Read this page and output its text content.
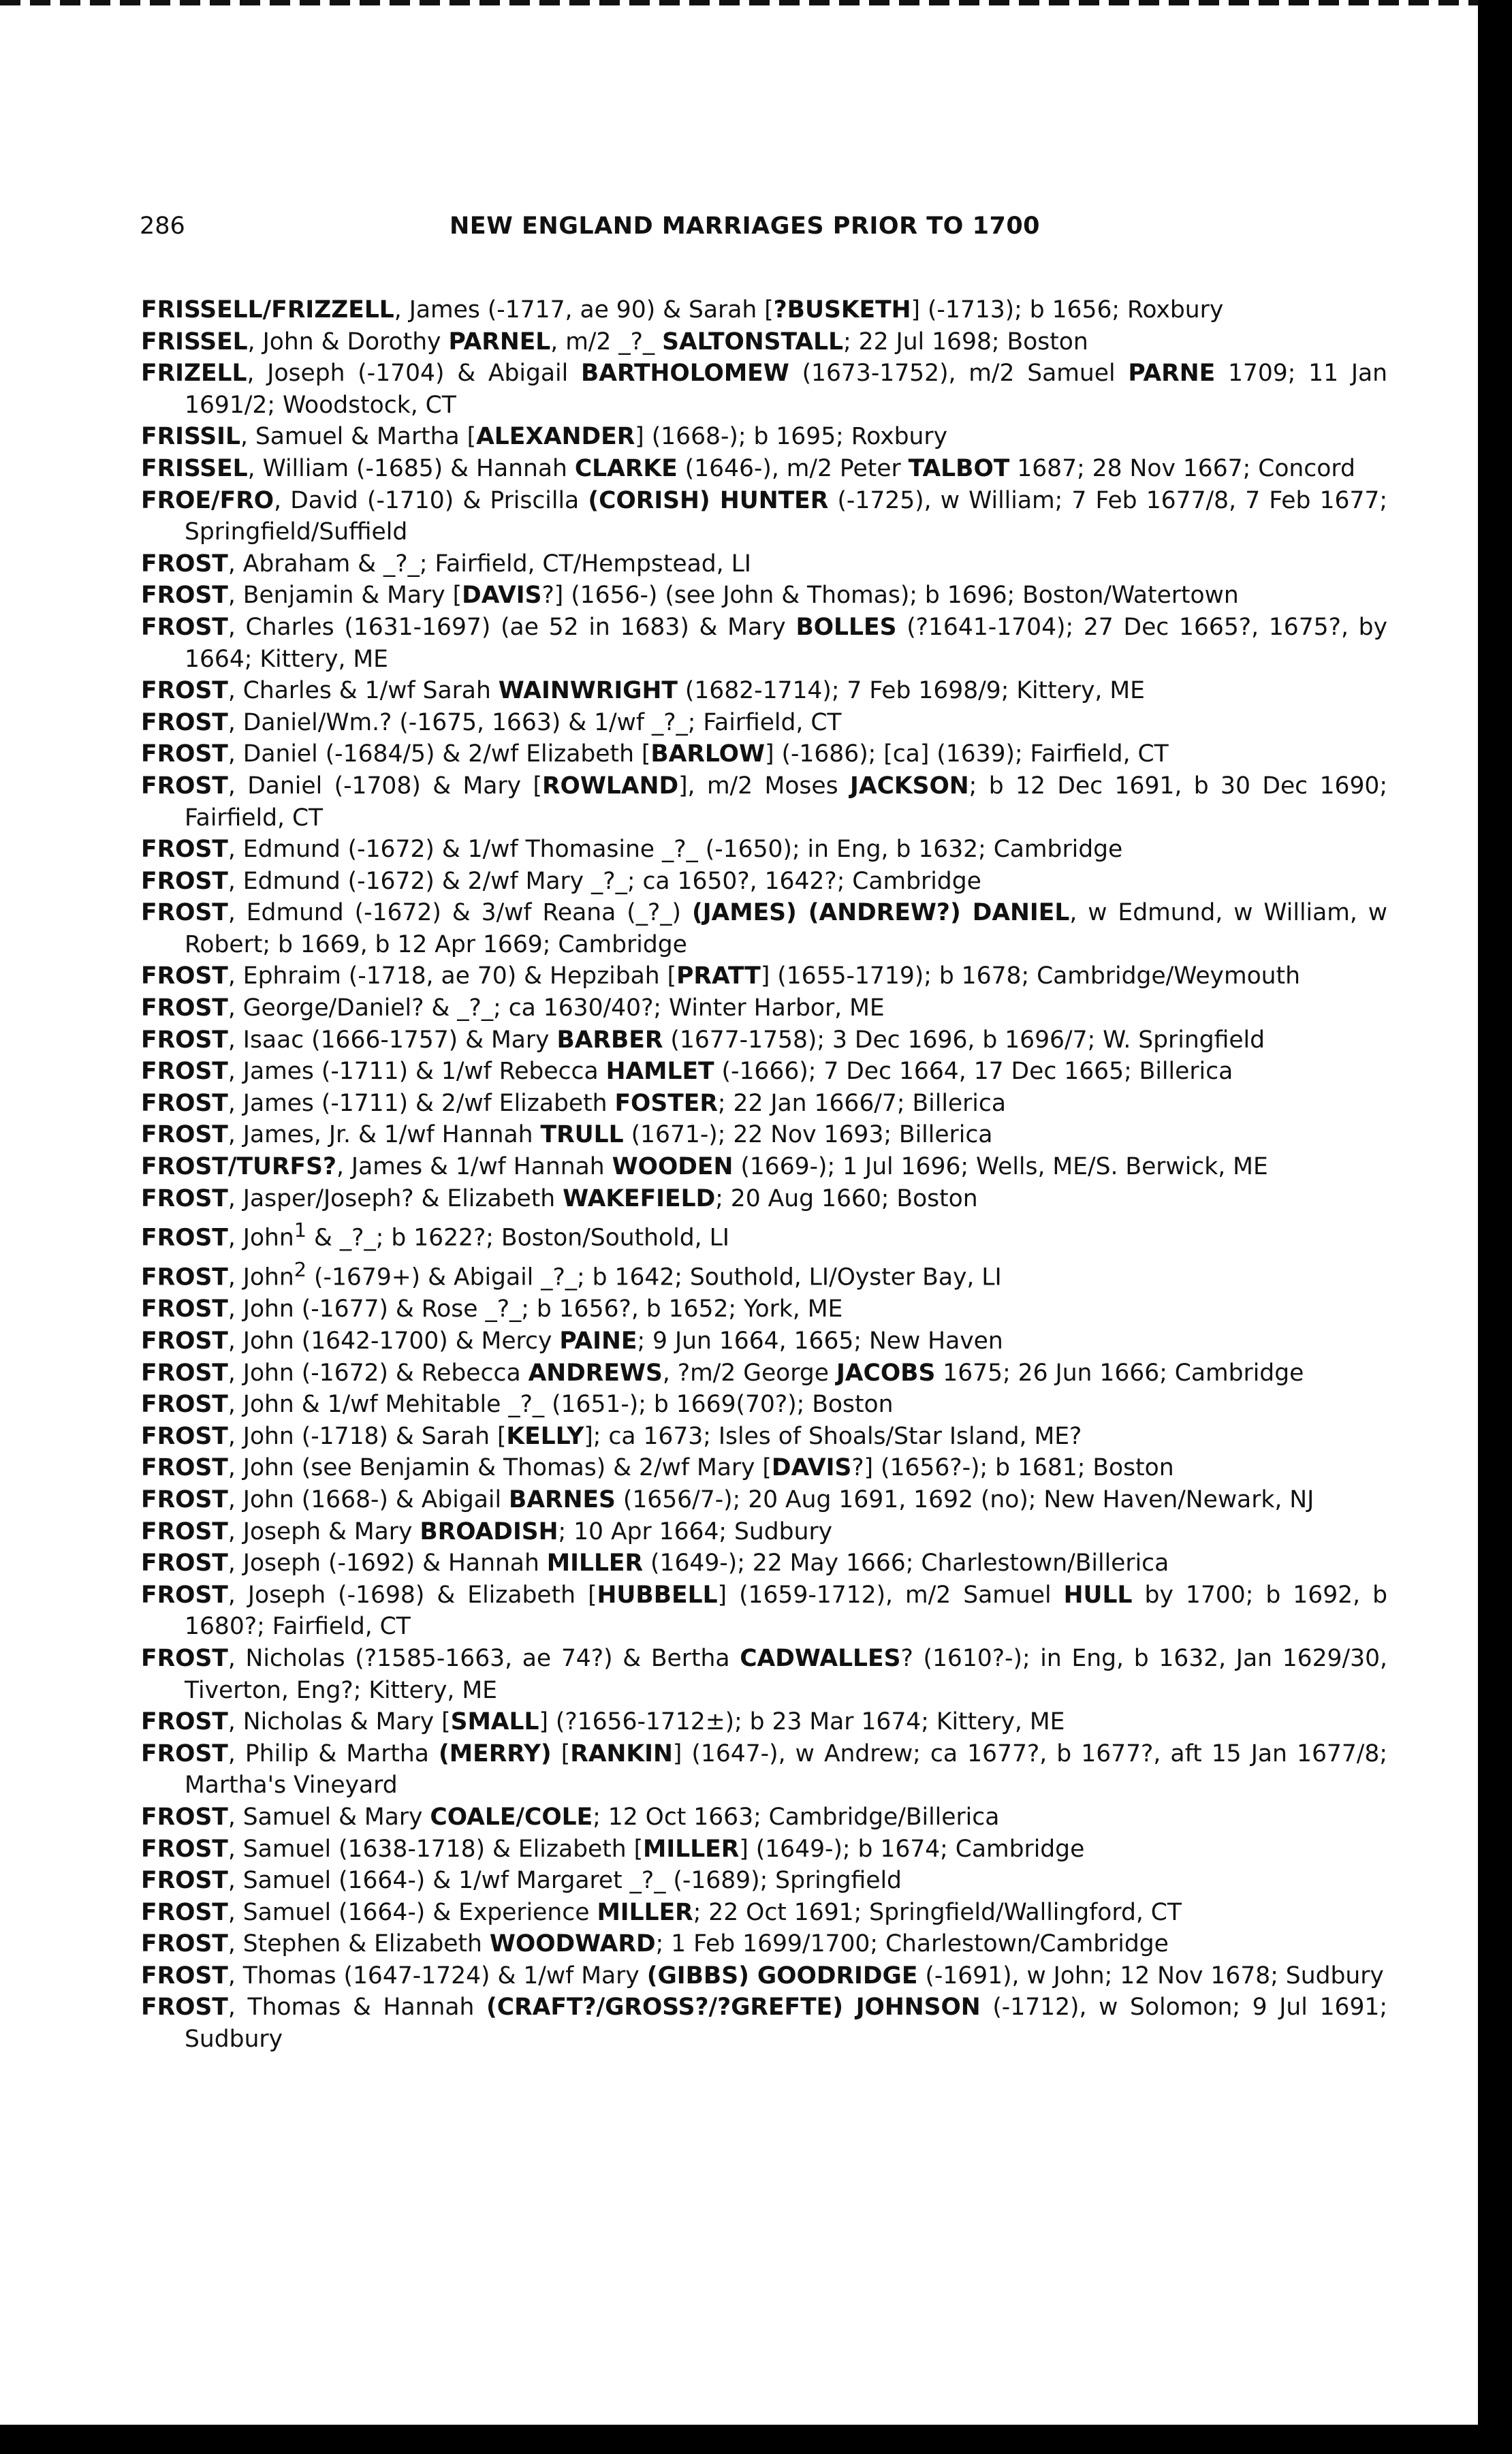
286	NEW ENGLAND MARRIAGES PRIOR TO 1700
FRISSELL/FRIZZELL, James (-1717, ae 90) & Sarah [?BUSKETH] (-1713); b 1656; Roxbury
FRISSEL, John & Dorothy PARNEL, m/2 _?_ SALTONSTALL; 22 Jul 1698; Boston
FRIZELL, Joseph (-1704) & Abigail BARTHOLOMEW (1673-1752), m/2 Samuel PARNE 1709; 11 Jan 1691/2; Woodstock, CT
FRISSIL, Samuel & Martha [ALEXANDER] (1668-); b 1695; Roxbury
FRISSEL, William (-1685) & Hannah CLARKE (1646-), m/2 Peter TALBOT 1687; 28 Nov 1667; Concord
FROE/FRO, David (-1710) & Priscilla (CORISH) HUNTER (-1725), w William; 7 Feb 1677/8, 7 Feb 1677; Springfield/Suffield
FROST, Abraham & _?_; Fairfield, CT/Hempstead, LI
FROST, Benjamin & Mary [DAVIS?] (1656-) (see John & Thomas); b 1696; Boston/Watertown
FROST, Charles (1631-1697) (ae 52 in 1683) & Mary BOLLES (?1641-1704); 27 Dec 1665?, 1675?, by 1664; Kittery, ME
FROST, Charles & 1/wf Sarah WAINWRIGHT (1682-1714); 7 Feb 1698/9; Kittery, ME
FROST, Daniel/Wm.? (-1675, 1663) & 1/wf _?_; Fairfield, CT
FROST, Daniel (-1684/5) & 2/wf Elizabeth [BARLOW] (-1686); [ca] (1639); Fairfield, CT
FROST, Daniel (-1708) & Mary [ROWLAND], m/2 Moses JACKSON; b 12 Dec 1691, b 30 Dec 1690; Fairfield, CT
FROST, Edmund (-1672) & 1/wf Thomasine _?_ (-1650); in Eng, b 1632; Cambridge
FROST, Edmund (-1672) & 2/wf Mary _?_; ca 1650?, 1642?; Cambridge
FROST, Edmund (-1672) & 3/wf Reana (_?_) (JAMES) (ANDREW?) DANIEL, w Edmund, w William, w Robert; b 1669, b 12 Apr 1669; Cambridge
FROST, Ephraim (-1718, ae 70) & Hepzibah [PRATT] (1655-1719); b 1678; Cambridge/Weymouth
FROST, George/Daniel? & _?_; ca 1630/40?; Winter Harbor, ME
FROST, Isaac (1666-1757) & Mary BARBER (1677-1758); 3 Dec 1696, b 1696/7; W. Springfield
FROST, James (-1711) & 1/wf Rebecca HAMLET (-1666); 7 Dec 1664, 17 Dec 1665; Billerica
FROST, James (-1711) & 2/wf Elizabeth FOSTER; 22 Jan 1666/7; Billerica
FROST, James, Jr. & 1/wf Hannah TRULL (1671-); 22 Nov 1693; Billerica
FROST/TURFS?, James & 1/wf Hannah WOODEN (1669-); 1 Jul 1696; Wells, ME/S. Berwick, ME
FROST, Jasper/Joseph? & Elizabeth WAKEFIELD; 20 Aug 1660; Boston
FROST, John$^1$ & _?_; b 1622?; Boston/Southold, LI
FROST, John$^2$ (-1679+) & Abigail _?_; b 1642; Southold, LI/Oyster Bay, LI
FROST, John (-1677) & Rose _?_; b 1656?, b 1652; York, ME
FROST, John (1642-1700) & Mercy PAINE; 9 Jun 1664, 1665; New Haven
FROST, John (-1672) & Rebecca ANDREWS, ?m/2 George JACOBS 1675; 26 Jun 1666; Cambridge
FROST, John & 1/wf Mehitable _?_ (1651-); b 1669(70?); Boston
FROST, John (-1718) & Sarah [KELLY]; ca 1673; Isles of Shoals/Star Island, ME?
FROST, John (see Benjamin & Thomas) & 2/wf Mary [DAVIS?] (1656?-); b 1681; Boston
FROST, John (1668-) & Abigail BARNES (1656/7-); 20 Aug 1691, 1692 (no); New Haven/Newark, NJ
FROST, Joseph & Mary BROADISH; 10 Apr 1664; Sudbury
FROST, Joseph (-1692) & Hannah MILLER (1649-); 22 May 1666; Charlestown/Billerica
FROST, Joseph (-1698) & Elizabeth [HUBBELL] (1659-1712), m/2 Samuel HULL by 1700; b 1692, b 1680?; Fairfield, CT
FROST, Nicholas (?1585-1663, ae 74?) & Bertha CADWALLES? (1610?-); in Eng, b 1632, Jan 1629/30, Tiverton, Eng?; Kittery, ME
FROST, Nicholas & Mary [SMALL] (?1656-1712±); b 23 Mar 1674; Kittery, ME
FROST, Philip & Martha (MERRY) [RANKIN] (1647-), w Andrew; ca 1677?, b 1677?, aft 15 Jan 1677/8; Martha's Vineyard
FROST, Samuel & Mary COALE/COLE; 12 Oct 1663; Cambridge/Billerica
FROST, Samuel (1638-1718) & Elizabeth [MILLER] (1649-); b 1674; Cambridge
FROST, Samuel (1664-) & 1/wf Margaret _?_ (-1689); Springfield
FROST, Samuel (1664-) & Experience MILLER; 22 Oct 1691; Springfield/Wallingford, CT
FROST, Stephen & Elizabeth WOODWARD; 1 Feb 1699/1700; Charlestown/Cambridge
FROST, Thomas (1647-1724) & 1/wf Mary (GIBBS) GOODRIDGE (-1691), w John; 12 Nov 1678; Sudbury
FROST, Thomas & Hannah (CRAFT?/GROSS?/?GREFTE) JOHNSON (-1712), w Solomon; 9 Jul 1691; Sudbury
